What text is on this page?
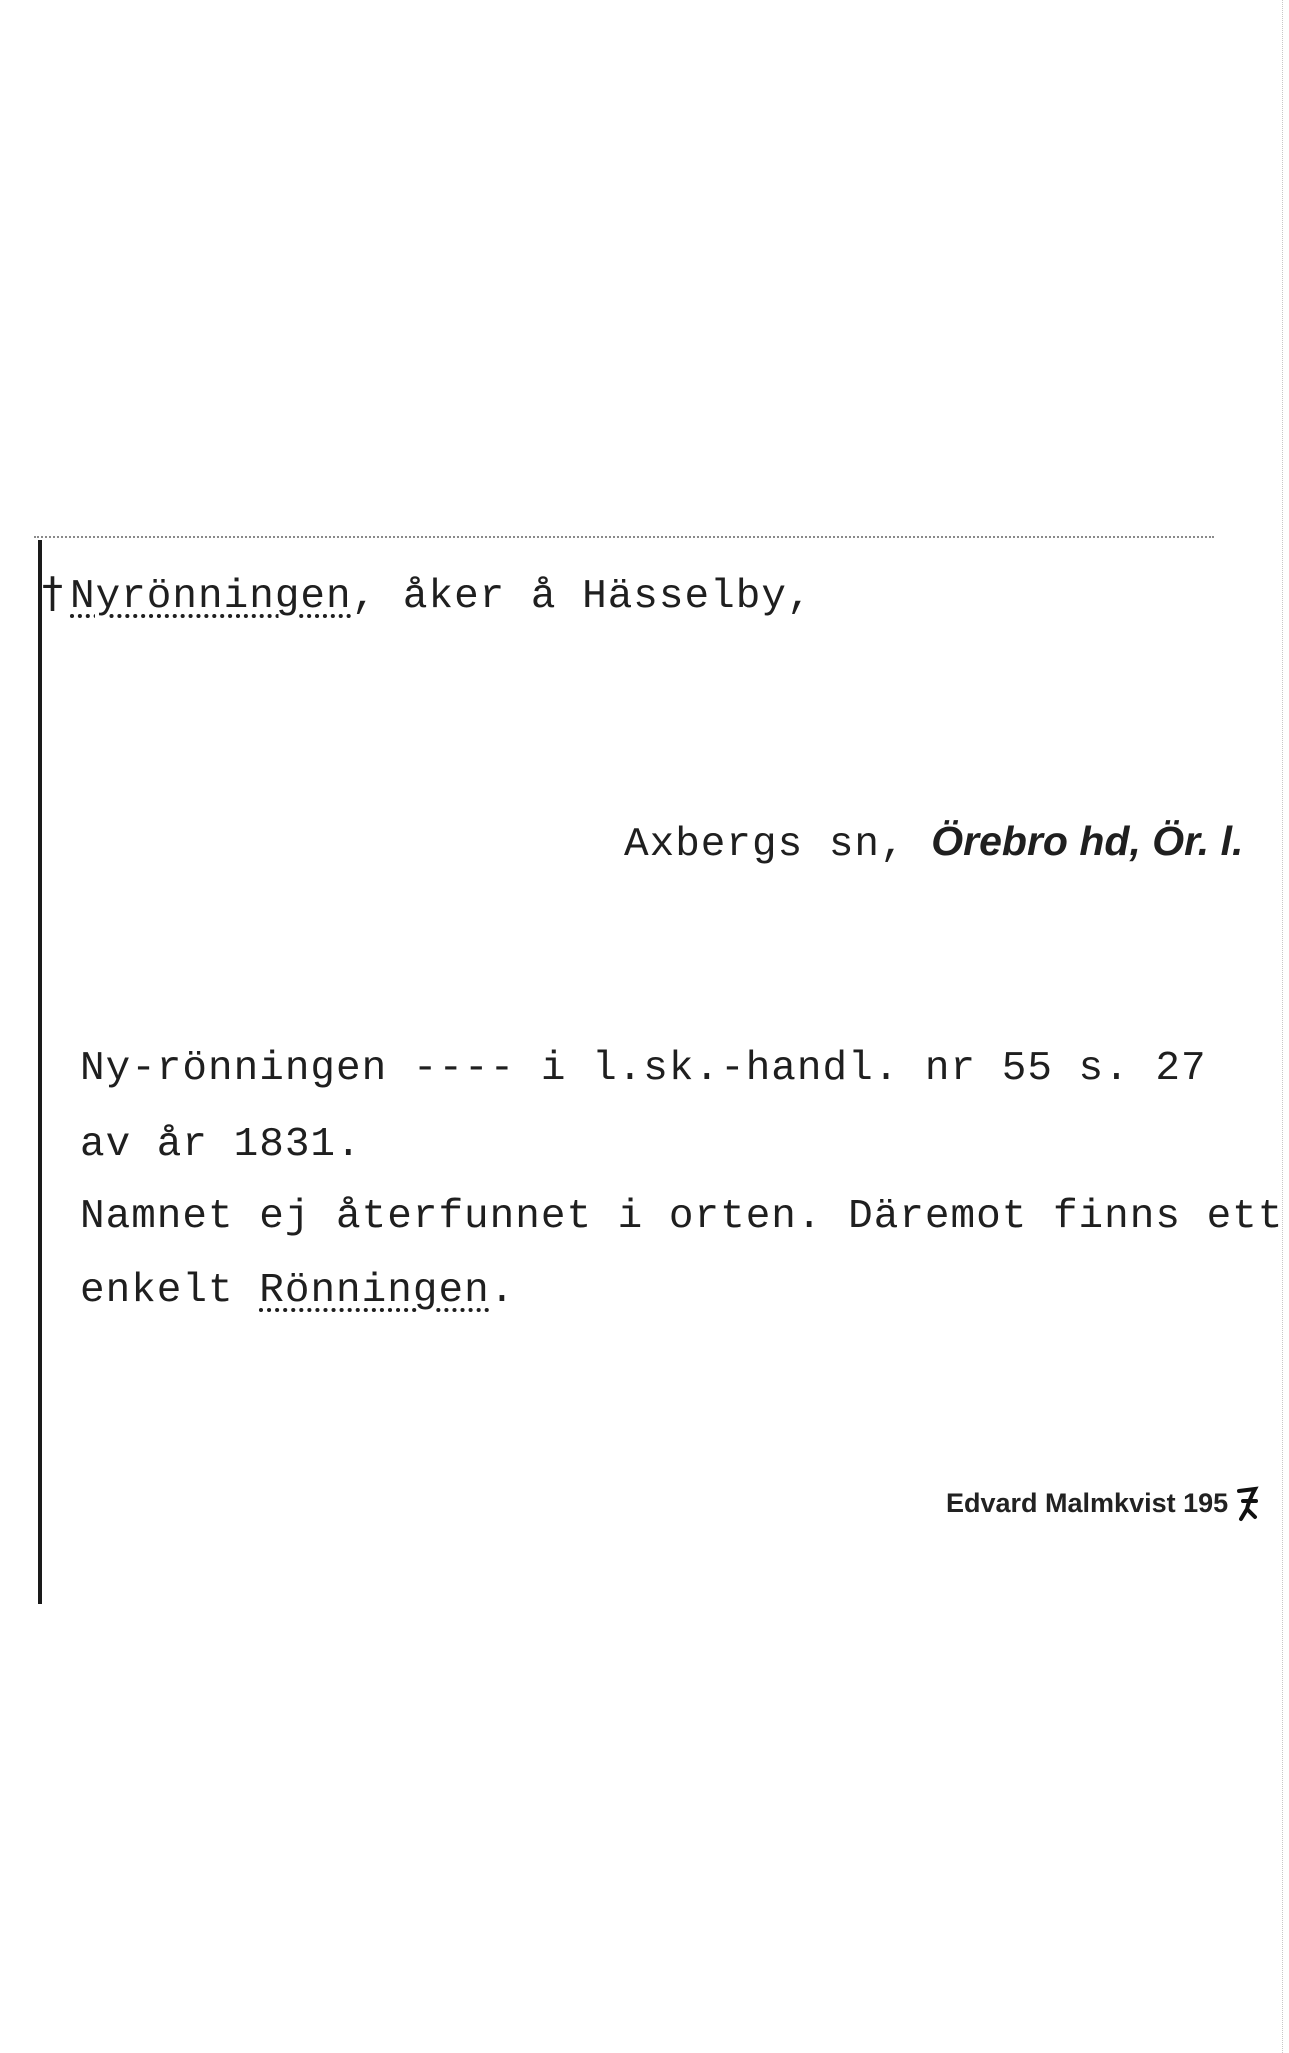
† Nyrönningen, åker å Hässelby,
Axbergs sn, Örebro hd, Ör. l.
Ny-rönningen ---- i l.sk.-handl. nr 55 s. 27
av år 1831.
Namnet ej återfunnet i orten. Däremot finns ett
enkelt Rönningen.
Edvard Malmkvist 195
